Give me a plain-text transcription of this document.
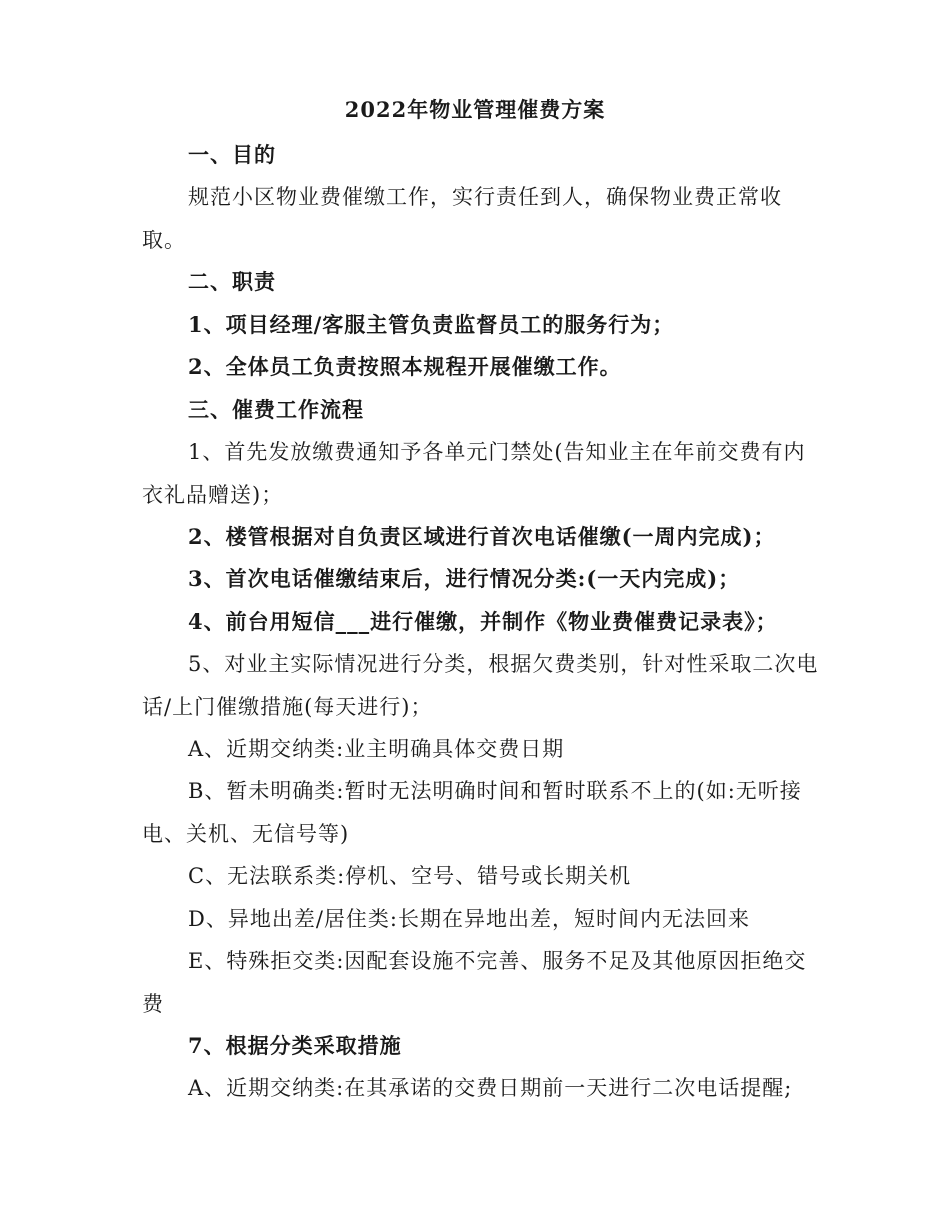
2022年物业管理催费方案
一、目的
规范小区物业费催缴工作，实行责任到人，确保物业费正常收
取。
二、职责
1、项目经理/客服主管负责监督员工的服务行为；
2、全体员工负责按照本规程开展催缴工作。
三、催费工作流程
1、首先发放缴费通知予各单元门禁处(告知业主在年前交费有内
衣礼品赠送)；
2、楼管根据对自负责区域进行首次电话催缴(一周内完成)；
3、首次电话催缴结束后，进行情况分类:(一天内完成)；
4、前台用短信___进行催缴，并制作《物业费催费记录表》；
5、对业主实际情况进行分类，根据欠费类别，针对性采取二次电
话/上门催缴措施(每天进行)；
A、近期交纳类:业主明确具体交费日期
B、暂未明确类:暂时无法明确时间和暂时联系不上的(如:无听接
电、关机、无信号等)
C、无法联系类:停机、空号、错号或长期关机
D、异地出差/居住类:长期在异地出差，短时间内无法回来
E、特殊拒交类:因配套设施不完善、服务不足及其他原因拒绝交
费
7、根据分类采取措施
A、近期交纳类:在其承诺的交费日期前一天进行二次电话提醒;
